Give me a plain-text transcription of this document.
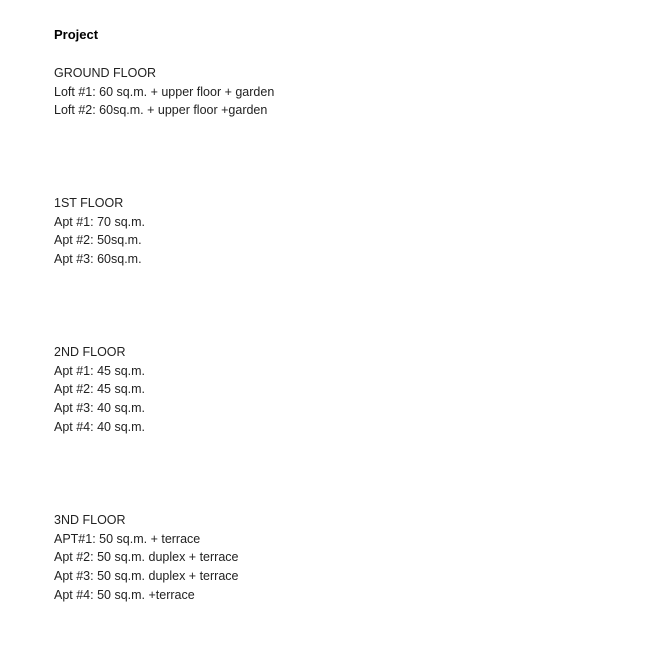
Project
GROUND FLOOR
Loft #1: 60 sq.m. + upper floor + garden
Loft #2: 60sq.m. + upper floor +garden
1ST FLOOR
Apt #1: 70 sq.m.
Apt #2: 50sq.m.
Apt #3: 60sq.m.
2ND FLOOR
Apt #1: 45 sq.m.
Apt #2: 45 sq.m.
Apt #3: 40 sq.m.
Apt #4: 40 sq.m.
3ND FLOOR
APT#1: 50 sq.m. + terrace
Apt #2: 50 sq.m. duplex + terrace
Apt #3: 50 sq.m. duplex + terrace
Apt #4: 50 sq.m. +terrace
